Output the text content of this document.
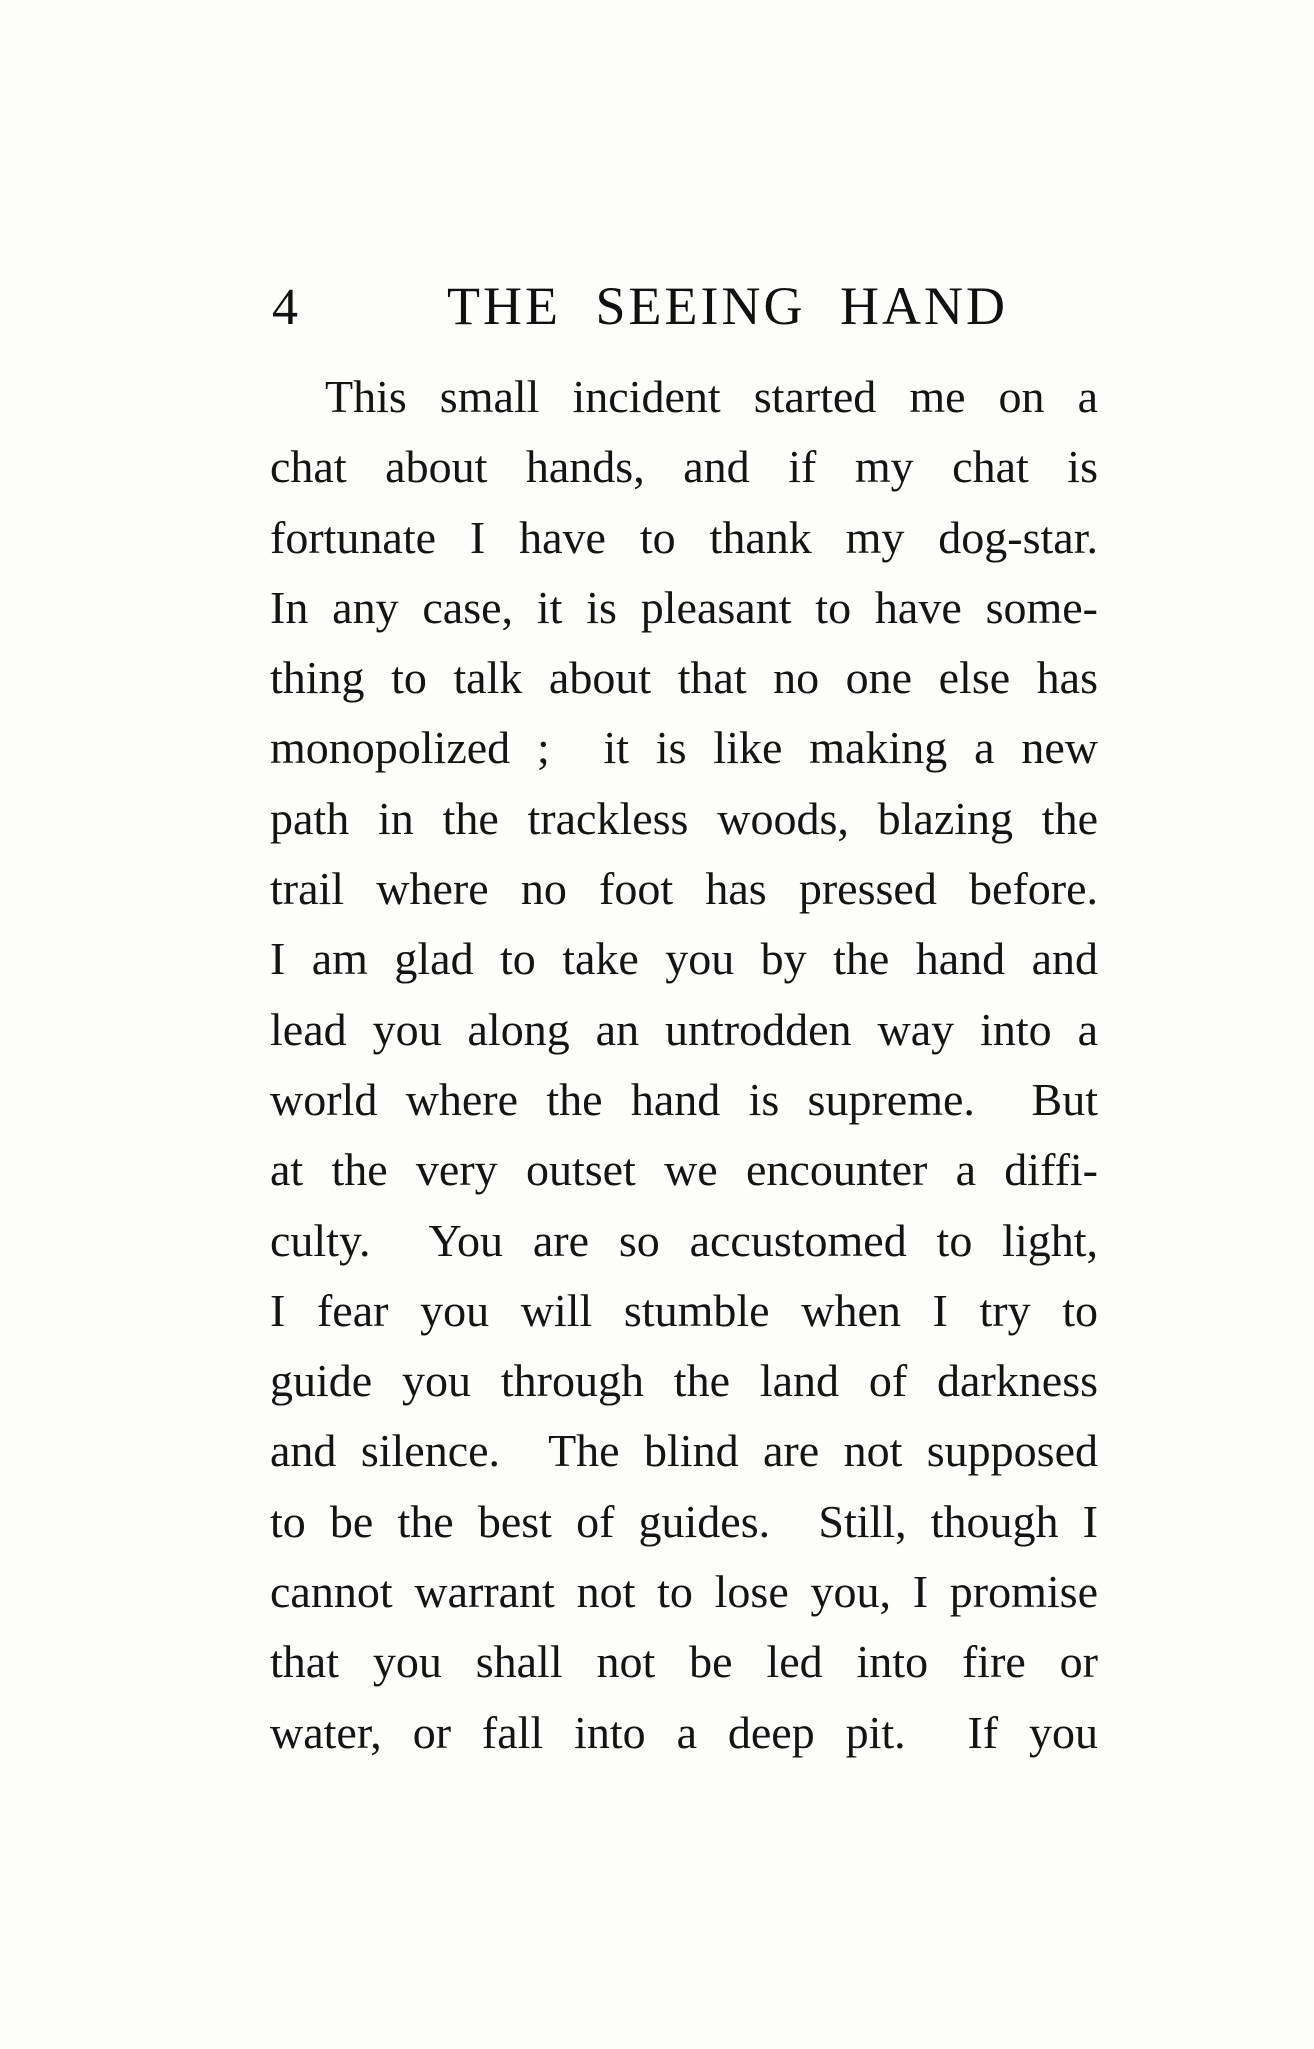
4	THE SEEING HAND
This small incident started me on a
chat about hands, and if my chat is
fortunate I have to thank my dog-star.
In any case, it is pleasant to have some-
thing to talk about that no one else has
monopolized ;  it is like making a new
path in the trackless woods, blazing the
trail where no foot has pressed before.
I am glad to take you by the hand and
lead you along an untrodden way into a
world where the hand is supreme.  But
at the very outset we encounter a diffi-
culty.  You are so accustomed to light,
I fear you will stumble when I try to
guide you through the land of darkness
and silence.  The blind are not supposed
to be the best of guides.  Still, though I
cannot warrant not to lose you, I promise
that you shall not be led into fire or
water, or fall into a deep pit.  If you
